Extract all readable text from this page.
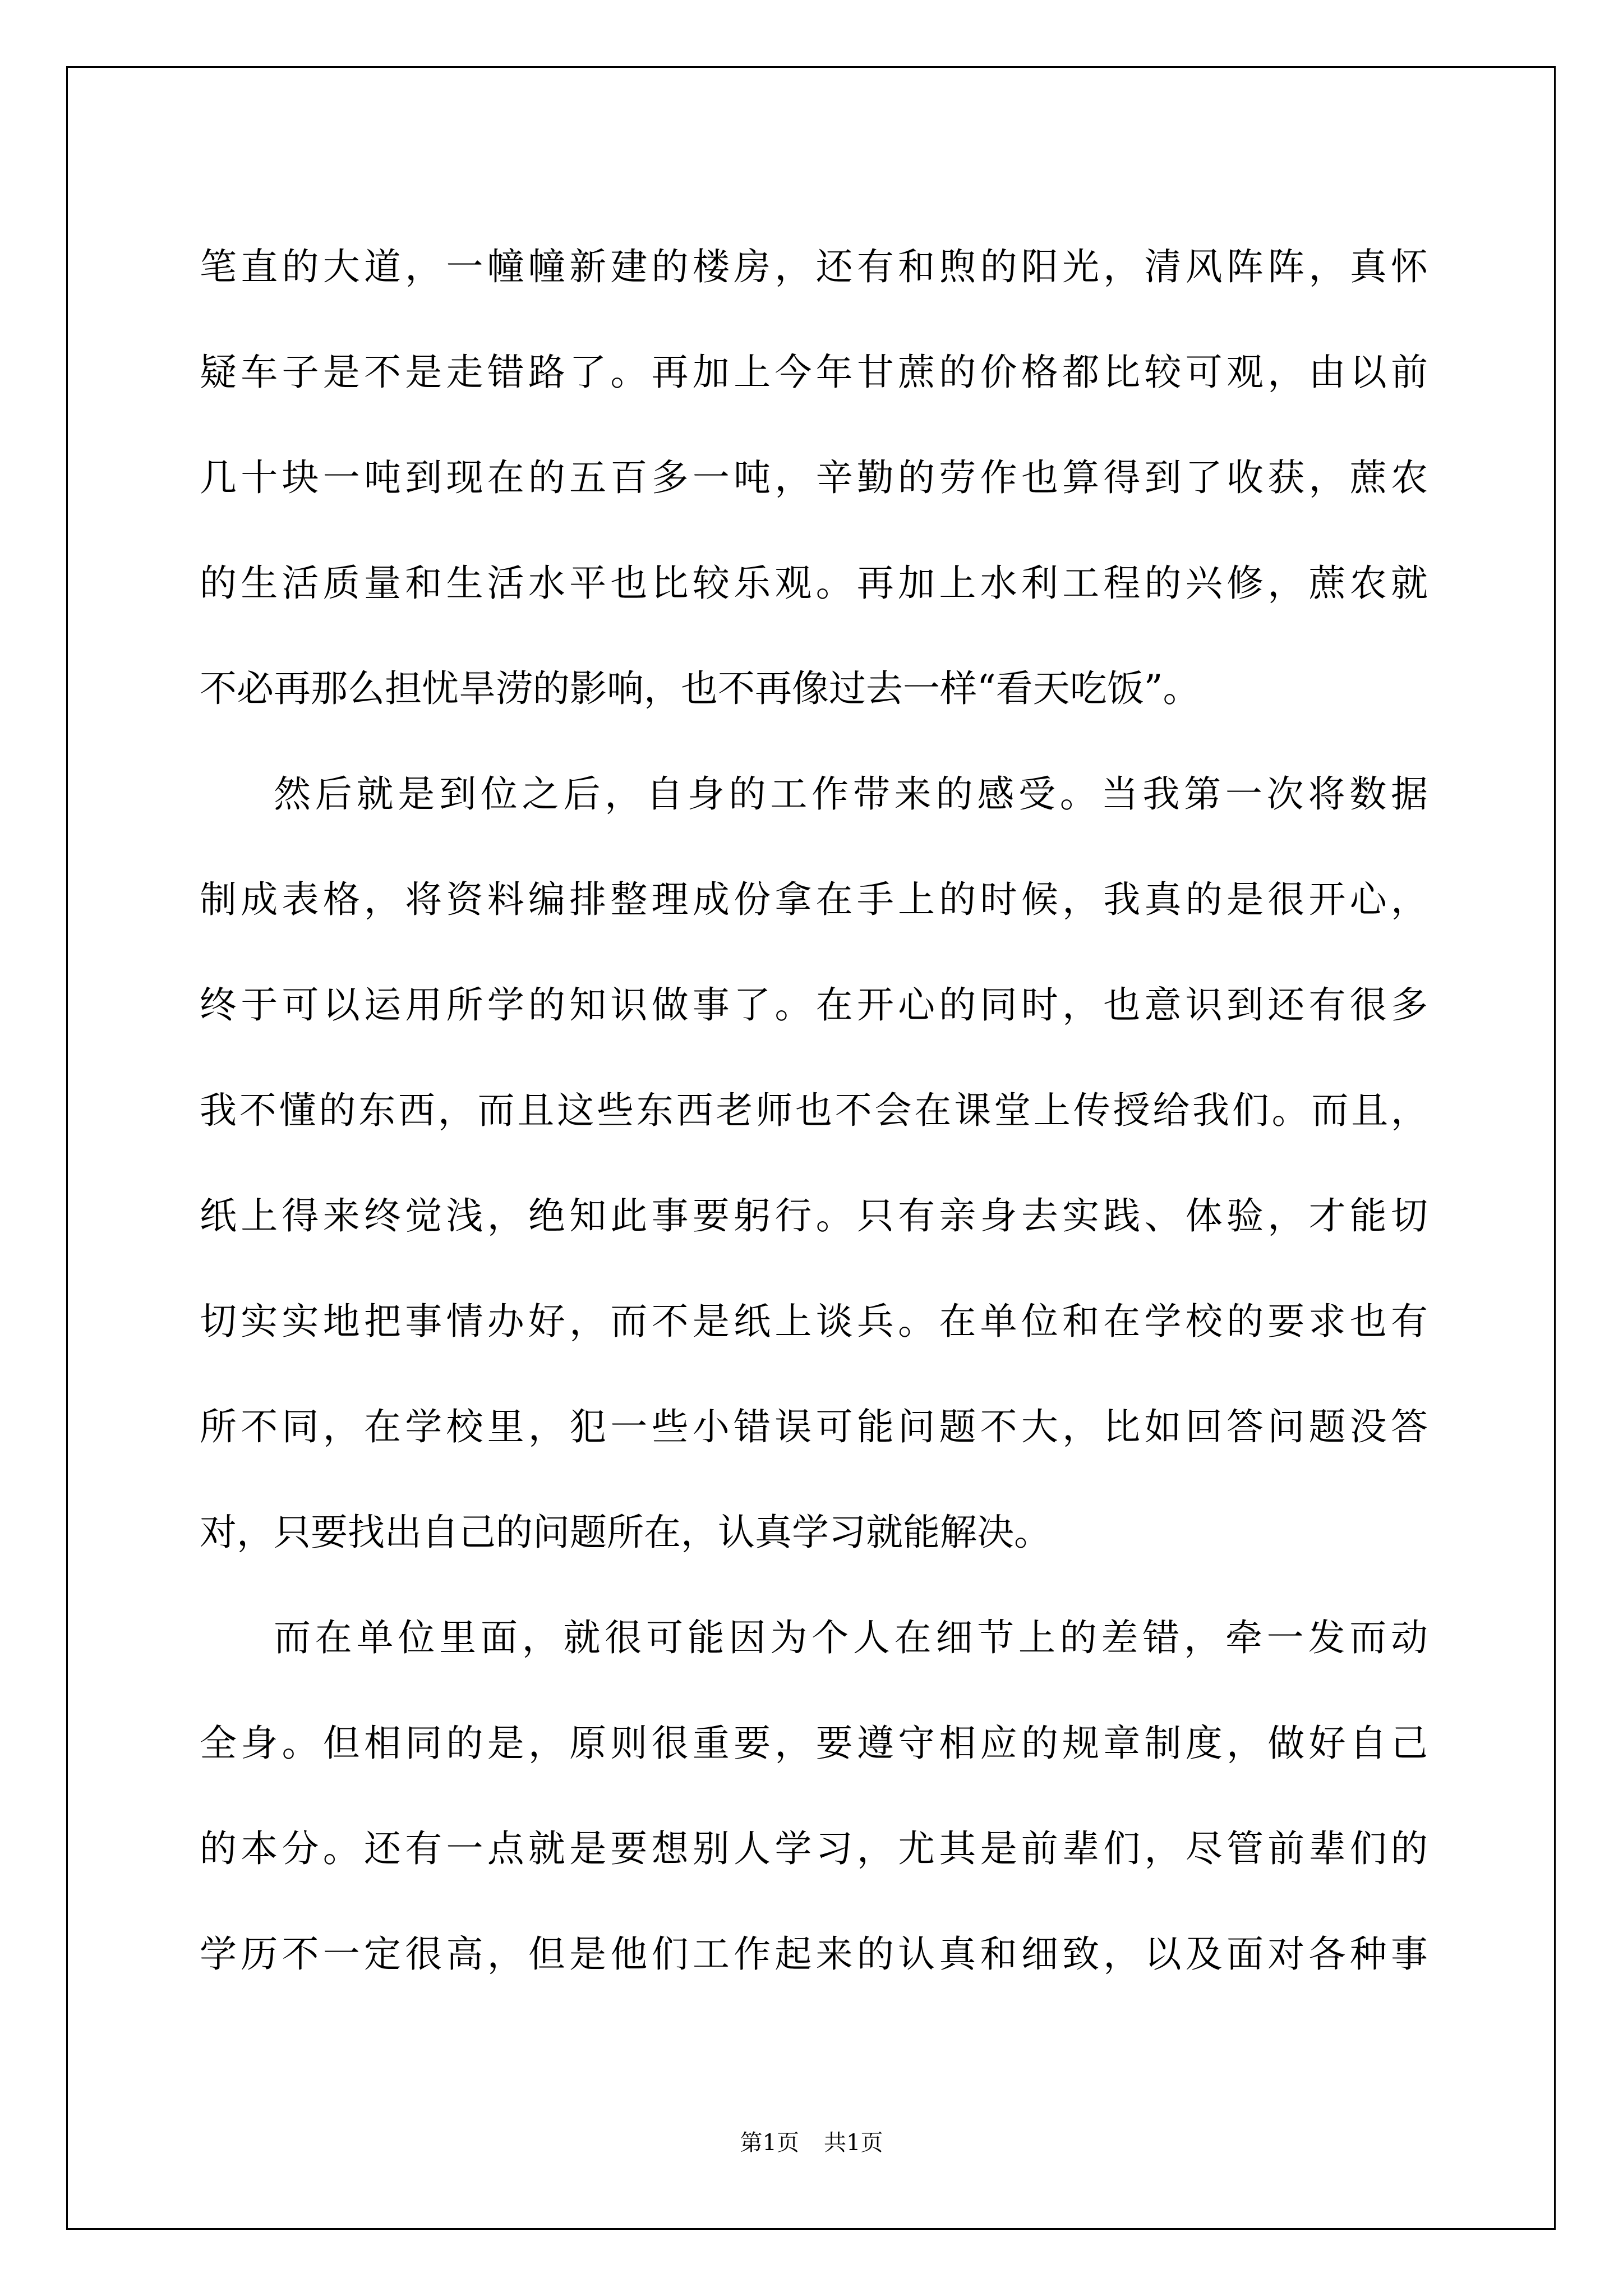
笔直的大道，一幢幢新建的楼房，还有和煦的阳光，清风阵阵，真怀
疑车子是不是走错路了。再加上今年甘蔗的价格都比较可观，由以前
几十块一吨到现在的五百多一吨，辛勤的劳作也算得到了收获，蔗农
的生活质量和生活水平也比较乐观。再加上水利工程的兴修，蔗农就
不必再那么担忧旱涝的影响，也不再像过去一样“看天吃饭”。
然后就是到位之后，自身的工作带来的感受。当我第一次将数据
制成表格，将资料编排整理成份拿在手上的时候，我真的是很开心，
终于可以运用所学的知识做事了。在开心的同时，也意识到还有很多
我不懂的东西，而且这些东西老师也不会在课堂上传授给我们。而且，
纸上得来终觉浅，绝知此事要躬行。只有亲身去实践、体验，才能切
切实实地把事情办好，而不是纸上谈兵。在单位和在学校的要求也有
所不同，在学校里，犯一些小错误可能问题不大，比如回答问题没答
对，只要找出自己的问题所在，认真学习就能解决。
而在单位里面，就很可能因为个人在细节上的差错，牵一发而动
全身。但相同的是，原则很重要，要遵守相应的规章制度，做好自己
的本分。还有一点就是要想别人学习，尤其是前辈们，尽管前辈们的
学历不一定很高，但是他们工作起来的认真和细致，以及面对各种事
第1页 共1页
